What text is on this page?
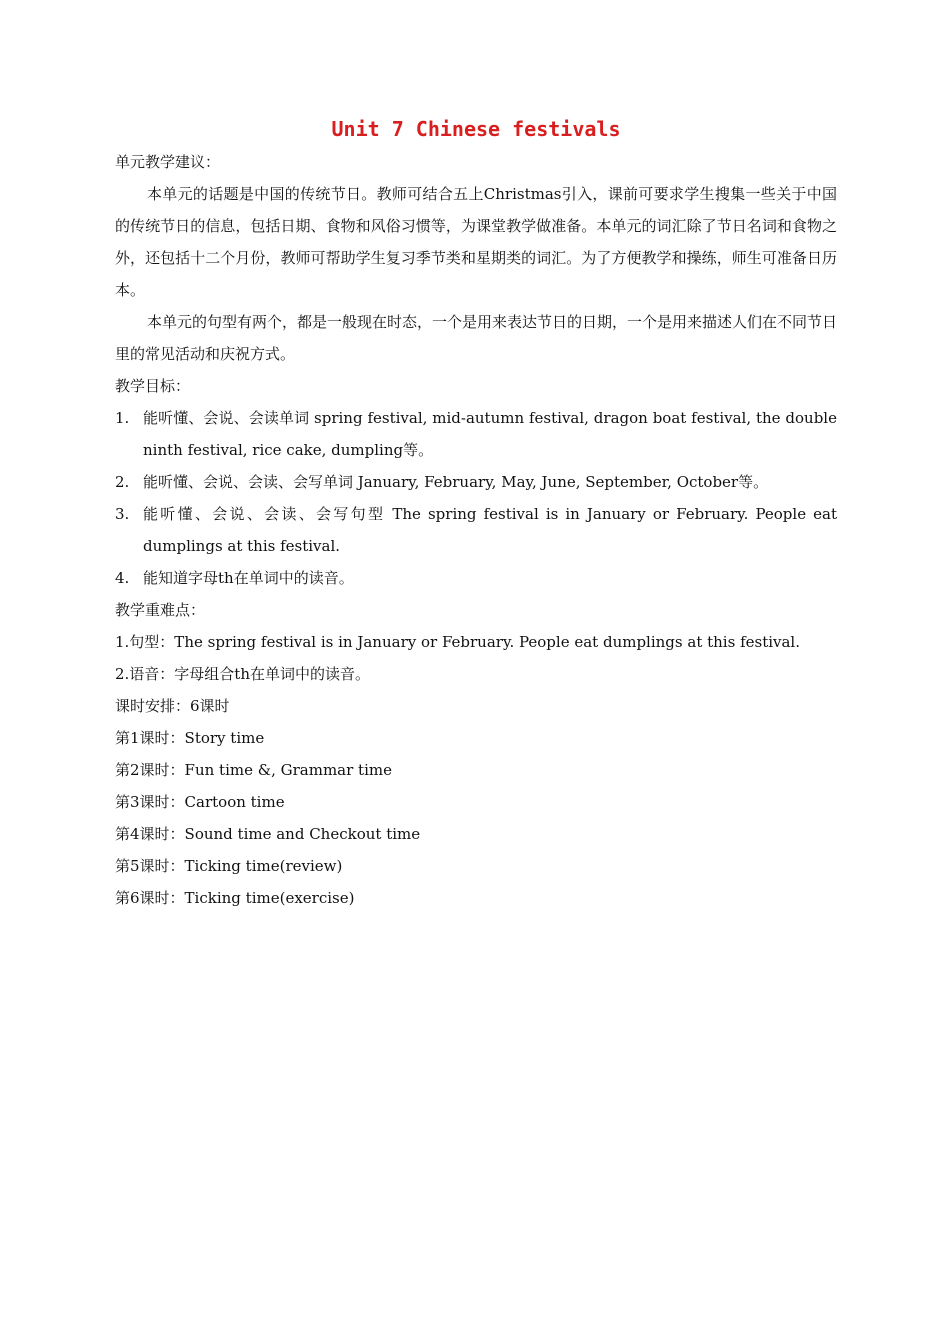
Unit 7 Chinese festivals

单元教学建议：

本单元的话题是中国的传统节日。教师可结合五上Christmas引入，课前可要求学生搜集一些关于中国的传统节日的信息，包括日期、食物和风俗习惯等，为课堂教学做准备。本单元的词汇除了节日名词和食物之外，还包括十二个月份，教师可帮助学生复习季节类和星期类的词汇。为了方便教学和操练，师生可准备日历本。

本单元的句型有两个，都是一般现在时态，一个是用来表达节日的日期，一个是用来描述人们在不同节日里的常见活动和庆祝方式。

教学目标：

1. 能听懂、会说、会读单词 spring festival, mid-autumn festival, dragon boat festival, the double ninth festival, rice cake, dumpling等。
2. 能听懂、会说、会读、会写单词 January, February, May, June, September, October等。
3. 能听懂、会说、会读、会写句型 The spring festival is in January or February. People eat dumplings at this festival.
4. 能知道字母th在单词中的读音。

教学重难点：

1.句型：The spring festival is in January or February. People eat dumplings at this festival.

2.语音：字母组合th在单词中的读音。

课时安排：6课时

第1课时：Story time

第2课时：Fun time &, Grammar time

第3课时：Cartoon time

第4课时：Sound time and Checkout time

第5课时：Ticking time(review)

第6课时：Ticking time(exercise)
